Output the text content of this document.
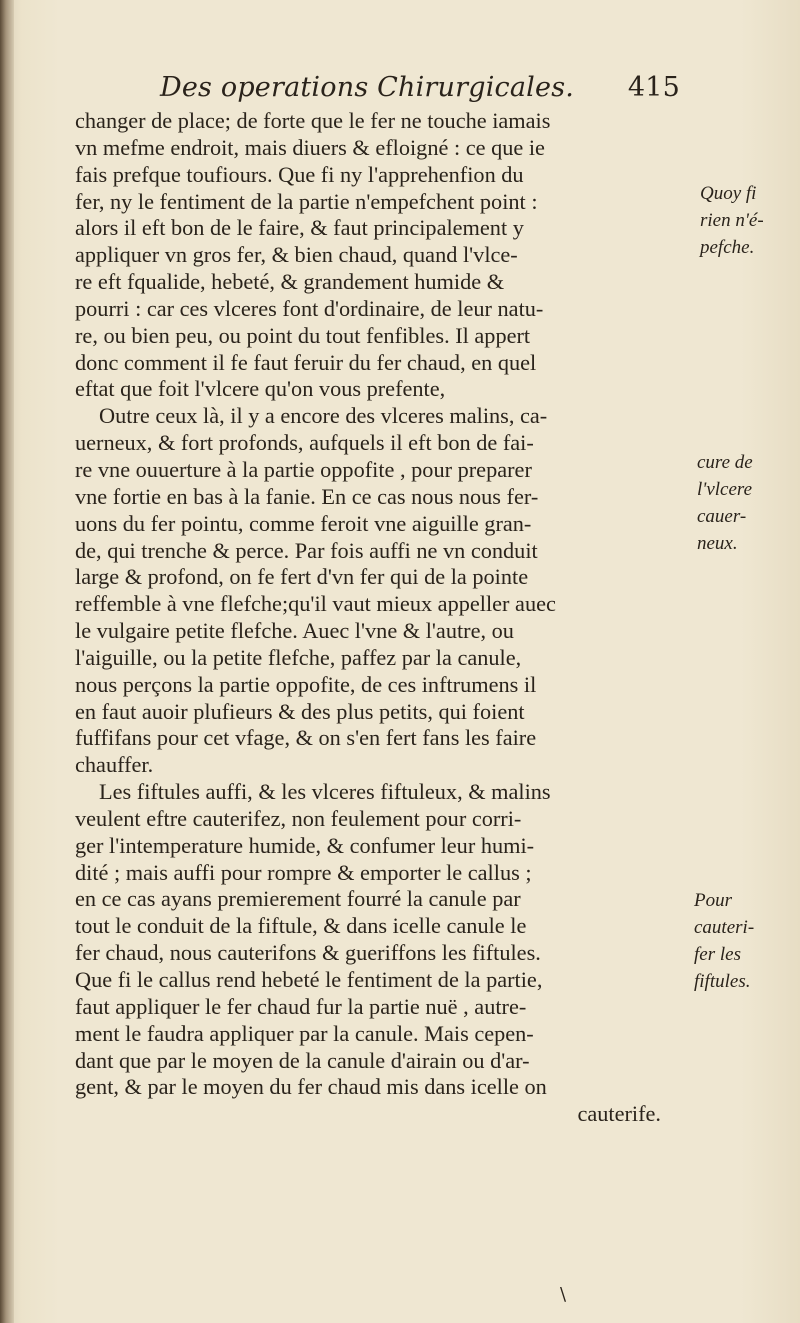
Des operations Chirurgicales. 415
changer de place; de forte que le fer ne touche iamais
vn mefme endroit, mais diuers & efloigné : ce que ie
fais prefque toufiours. Que fi ny l'apprehenfion du
fer, ny le fentiment de la partie n'empefchent point :
alors il eft bon de le faire, & faut principalement y
appliquer vn gros fer, & bien chaud, quand l'vlce-
re eft fqualide, hebeté, & grandement humide &
pourri : car ces vlceres font d'ordinaire, de leur natu-
re, ou bien peu, ou point du tout fenfibles. Il appert
donc comment il fe faut feruir du fer chaud, en quel
eftat que foit l'vlcere qu'on vous prefente,
Outre ceux là, il y a encore des vlceres malins, ca-
uerneux, & fort profonds, aufquels il eft bon de fai-
re vne ouuerture à la partie oppofite , pour preparer
vne fortie en bas à la fanie. En ce cas nous nous fer-
uons du fer pointu, comme feroit vne aiguille gran-
de, qui trenche & perce. Par fois auffi ne vn conduit
large & profond, on fe fert d'vn fer qui de la pointe
reffemble à vne flefche;qu'il vaut mieux appeller auec
le vulgaire petite flefche. Auec l'vne & l'autre, ou
l'aiguille, ou la petite flefche, paffez par la canule,
nous perçons la partie oppofite, de ces inftrumens il
en faut auoir plufieurs & des plus petits, qui foient
fuffifans pour cet vfage, & on s'en fert fans les faire
chauffer.
Les fiftules auffi, & les vlceres fiftuleux, & malins
veulent eftre cauterifez, non feulement pour corri-
ger l'intemperature humide, & confumer leur humi-
dité ; mais auffi pour rompre & emporter le callus ;
en ce cas ayans premierement fourré la canule par
tout le conduit de la fiftule, & dans icelle canule le
fer chaud, nous cauterifons & gueriffons les fiftules.
Que fi le callus rend hebeté le fentiment de la partie,
faut appliquer le fer chaud fur la partie nuë , autre-
ment le faudra appliquer par la canule. Mais cepen-
dant que par le moyen de la canule d'airain ou d'ar-
gent, & par le moyen du fer chaud mis dans icelle on
cauterife.
Quoy fi
rien n'é-
pefche.
cure de
l'vlcere
cauer-
neux.
Pour
cauteri-
fer les
fiftules.
\
